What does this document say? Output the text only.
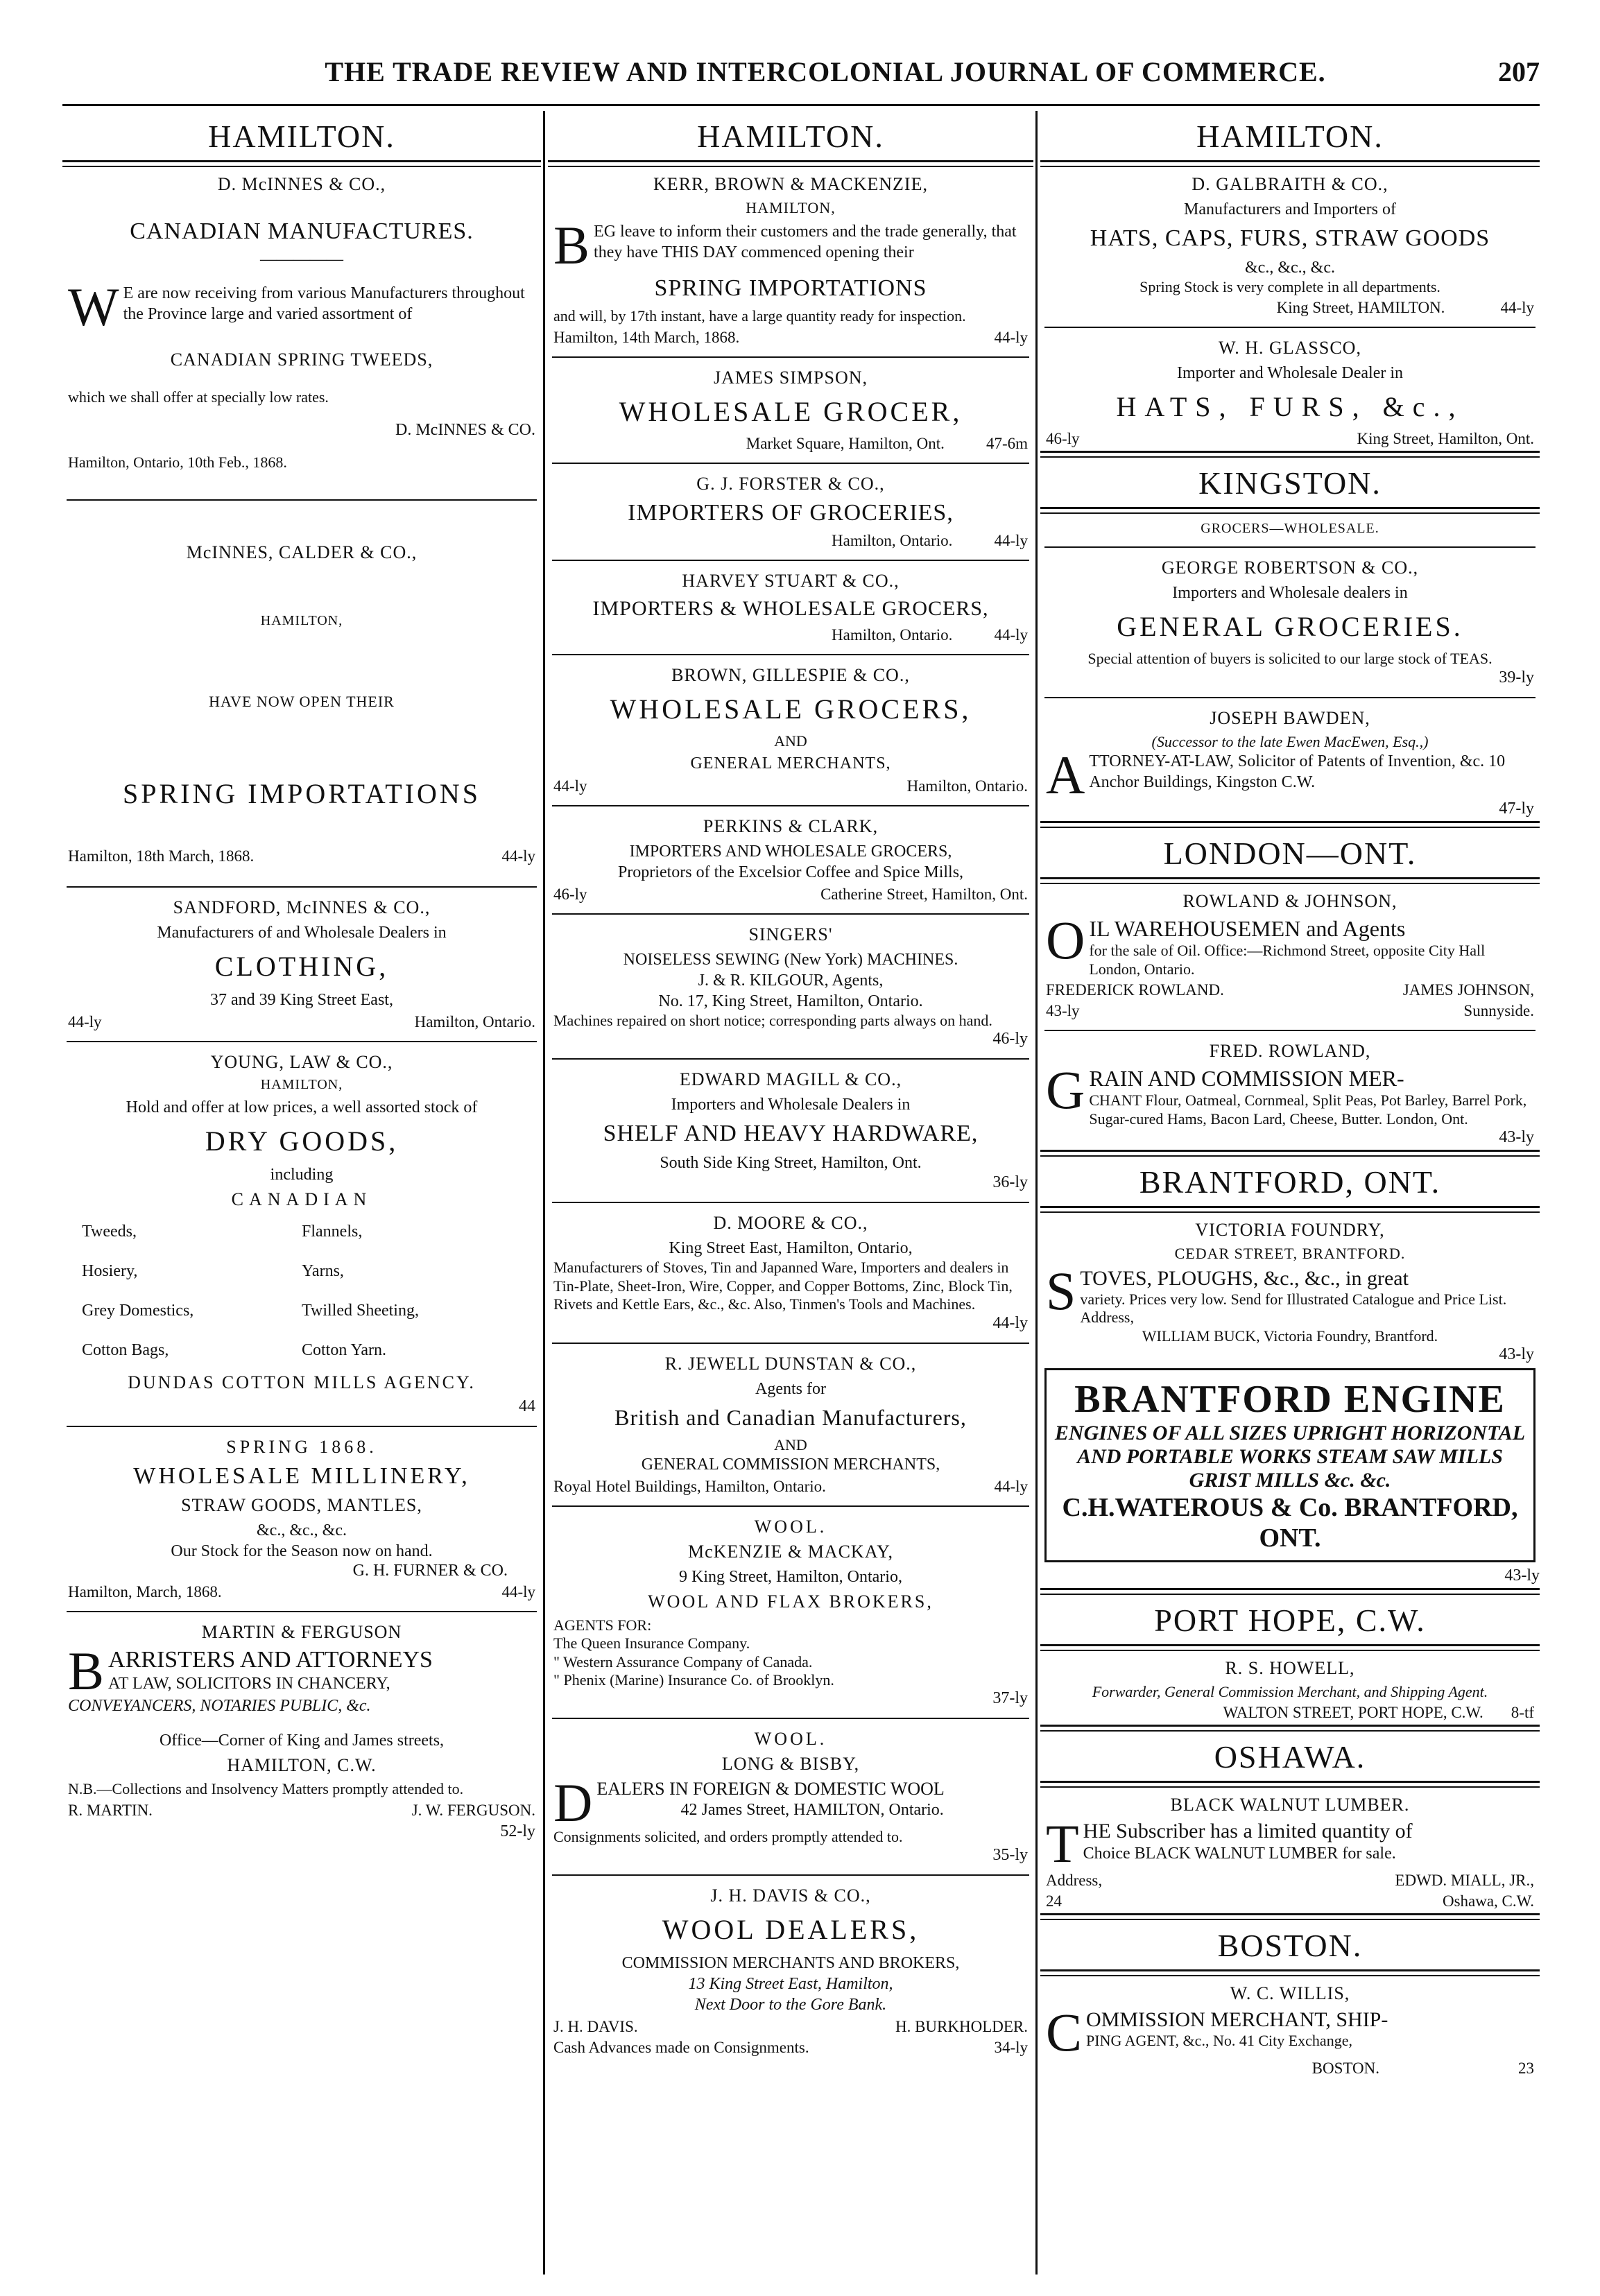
THE TRADE REVIEW AND INTERCOLONIAL JOURNAL OF COMMERCE.	207
HAMILTON.
D. McINNES & CO.,
CANADIAN MANUFACTURES.
—————
W E are now receiving from various Manufacturers throughout the Province large and varied assortment of
CANADIAN SPRING TWEEDS,
which we shall offer at specially low rates.
D. McINNES & CO.
Hamilton, Ontario, 10th Feb., 1868.
McINNES, CALDER & CO.,
HAMILTON,
HAVE NOW OPEN THEIR
SPRING IMPORTATIONS
Hamilton, 18th March, 1868.	44-ly
SANDFORD, McINNES & CO.,
Manufacturers of and Wholesale Dealers in
CLOTHING,
37 and 39 King Street East,
44-ly	Hamilton, Ontario.
YOUNG, LAW & CO.,
HAMILTON,
Hold and offer at low prices, a well assorted stock of
DRY GOODS,
including
CANADIAN
Tweeds,	Flannels,
Hosiery,	Yarns,
Grey Domestics,	Twilled Sheeting,
Cotton Bags,	Cotton Yarn.
DUNDAS COTTON MILLS AGENCY.
44
SPRING 1868.
WHOLESALE MILLINERY,
STRAW GOODS, MANTLES,
&c., &c., &c.
Our Stock for the Season now on hand.
G. H. FURNER & CO.
Hamilton, March, 1868.	44-ly
MARTIN & FERGUSON
BARRISTERS AND ATTORNEYS
AT LAW, SOLICITORS IN CHANCERY,
CONVEYANCERS, NOTARIES PUBLIC, &c.
Office—Corner of King and James streets,
HAMILTON, C.W.
N.B.—Collections and Insolvency Matters promptly attended to.
R. MARTIN.	J. W. FERGUSON.
52-ly
HAMILTON.
KERR, BROWN & MACKENZIE,
HAMILTON,
BEG leave to inform their customers and the trade generally, that they have THIS DAY commenced opening their
SPRING IMPORTATIONS
and will, by 17th instant, have a large quantity ready for inspection.
Hamilton, 14th March, 1868.	44-ly
JAMES SIMPSON,
WHOLESALE GROCER,
Market Square, Hamilton, Ont.	47-6m
G. J. FORSTER & CO.,
IMPORTERS OF GROCERIES,
Hamilton, Ontario.	44-ly
HARVEY STUART & CO.,
IMPORTERS & WHOLESALE GROCERS,
Hamilton, Ontario.	44-ly
BROWN, GILLESPIE & CO.,
WHOLESALE GROCERS,
AND
GENERAL MERCHANTS,
44-ly	Hamilton, Ontario.
PERKINS & CLARK,
IMPORTERS AND WHOLESALE GROCERS,
Proprietors of the Excelsior Coffee and Spice Mills,
46-ly	Catherine Street, Hamilton, Ont.
SINGERS'
NOISELESS SEWING (New York) MACHINES.
J. & R. KILGOUR, Agents,
No. 17, King Street, Hamilton, Ontario.
Machines repaired on short notice; corresponding parts always on hand.
46-ly
EDWARD MAGILL & CO.,
Importers and Wholesale Dealers in
SHELF AND HEAVY HARDWARE,
South Side King Street, Hamilton, Ont.
36-ly
D. MOORE & CO.,
King Street East, Hamilton, Ontario,
Manufacturers of Stoves, Tin and Japanned Ware, Importers and dealers in Tin-Plate, Sheet-Iron, Wire, Copper, and Copper Bottoms, Zinc, Block Tin, Rivets and Kettle Ears, &c., &c. Also, Tinmen's Tools and Machines.
44-ly
R. JEWELL DUNSTAN & CO.,
Agents for
British and Canadian Manufacturers,
AND
GENERAL COMMISSION MERCHANTS,
Royal Hotel Buildings, Hamilton, Ontario.	44-ly
WOOL.
McKENZIE & MACKAY,
9 King Street, Hamilton, Ontario,
WOOL AND FLAX BROKERS,
AGENTS FOR:
The Queen Insurance Company.
" Western Assurance Company of Canada.
" Phenix (Marine) Insurance Co. of Brooklyn.
37-ly
WOOL.
LONG & BISBY,
DEALERS IN FOREIGN & DOMESTIC WOOL
42 James Street, HAMILTON, Ontario.
Consignments solicited, and orders promptly attended to.
35-ly
J. H. DAVIS & CO.,
WOOL DEALERS,
COMMISSION MERCHANTS AND BROKERS,
13 King Street East, Hamilton,
Next Door to the Gore Bank.
J. H. DAVIS.	H. BURKHOLDER.
Cash Advances made on Consignments.	34-ly
HAMILTON.
D. GALBRAITH & CO.,
Manufacturers and Importers of
HATS, CAPS, FURS, STRAW GOODS
&c., &c., &c.
Spring Stock is very complete in all departments.
King Street, HAMILTON.	44-ly
W. H. GLASSCO,
Importer and Wholesale Dealer in
HATS, FURS, &c.,
46-ly	King Street, Hamilton, Ont.
KINGSTON.
GROCERS—WHOLESALE.
GEORGE ROBERTSON & CO.,
Importers and Wholesale dealers in
GENERAL GROCERIES.
Special attention of buyers is solicited to our large stock of TEAS.
39-ly
JOSEPH BAWDEN,
(Successor to the late Ewen MacEwen, Esq.,)
ATTORNEY-AT-LAW, Solicitor of Patents of Invention, &c. 10 Anchor Buildings, Kingston C.W.
47-ly
LONDON—ONT.
ROWLAND & JOHNSON,
OIL WAREHOUSEMEN and Agents
for the sale of Oil. Office:—Richmond Street, opposite City Hall London, Ontario.
FREDERICK ROWLAND.	JAMES JOHNSON,
43-ly	Sunnyside.
FRED. ROWLAND,
GRAIN AND COMMISSION MER-
CHANT Flour, Oatmeal, Cornmeal, Split Peas, Pot Barley, Barrel Pork, Sugar-cured Hams, Bacon Lard, Cheese, Butter. London, Ont.
43-ly
BRANTFORD, ONT.
VICTORIA FOUNDRY,
CEDAR STREET, BRANTFORD.
STOVES, PLOUGHS, &c., &c., in great
variety. Prices very low. Send for Illustrated Catalogue and Price List. Address,
WILLIAM BUCK, Victoria Foundry, Brantford.
43-ly
BRANTFORD ENGINE
ENGINES OF ALL SIZES UPRIGHT HORIZONTAL AND PORTABLE WORKS STEAM SAW MILLS GRIST MILLS &c. &c.
C.H.WATEROUS & Co. BRANTFORD, ONT.
43-ly
PORT HOPE, C.W.
R. S. HOWELL,
Forwarder, General Commission Merchant, and Shipping Agent.
WALTON STREET, PORT HOPE, C.W. 8-tf
OSHAWA.
BLACK WALNUT LUMBER.
THE Subscriber has a limited quantity of
Choice BLACK WALNUT LUMBER for sale.
Address,	EDWD. MIALL, JR.,
24	Oshawa, C.W.
BOSTON.
W. C. WILLIS,
COMMISSION MERCHANT, SHIP-
PING AGENT, &c., No. 41 City Exchange,
BOSTON.	23
